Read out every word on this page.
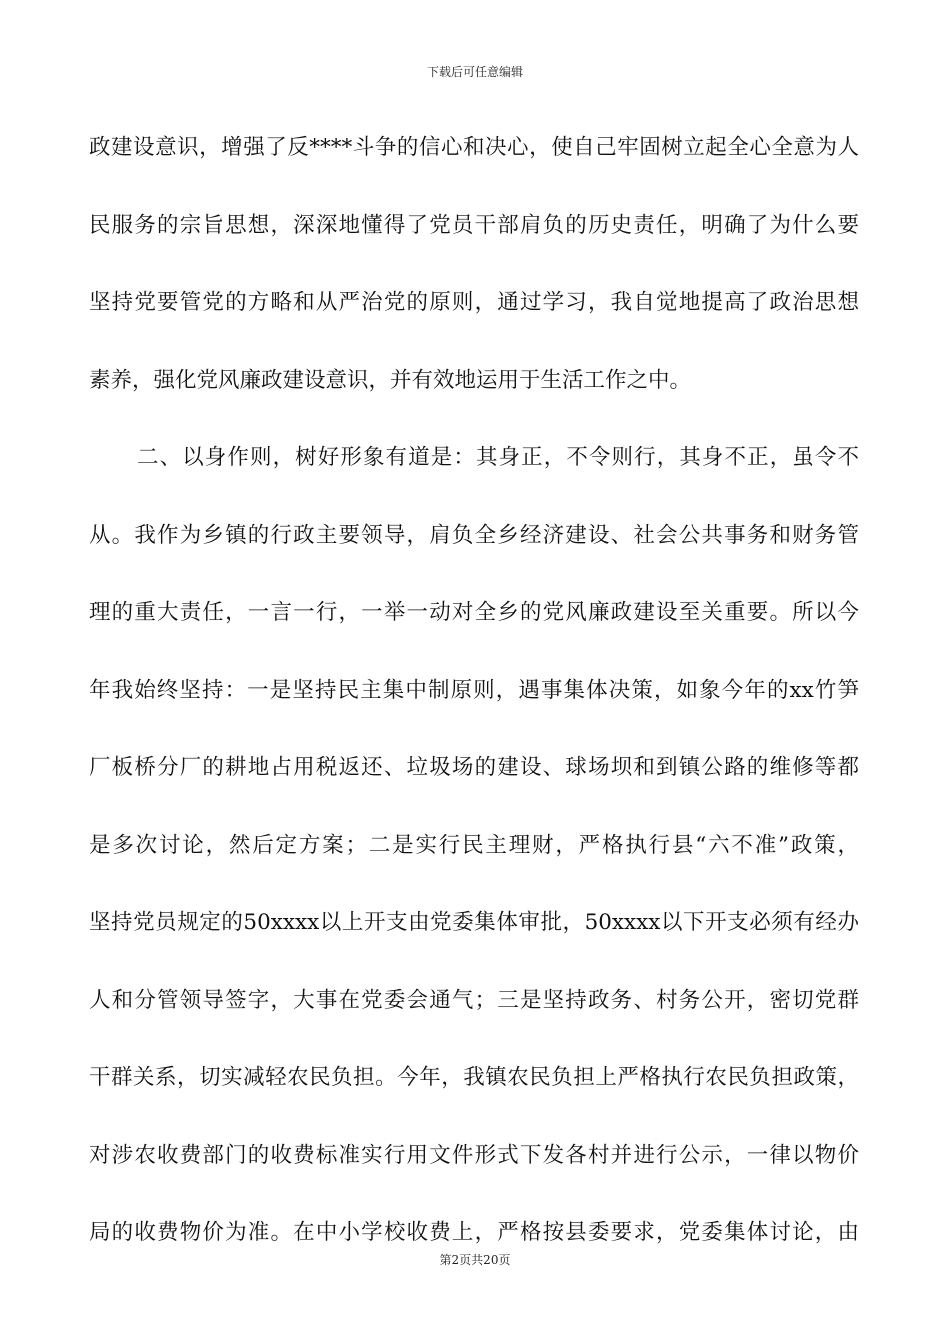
下载后可任意编辑
政建设意识，增强了反****斗争的信心和决心，使自己牢固树立起全心全意为人
民服务的宗旨思想，深深地懂得了党员干部肩负的历史责任，明确了为什么要
坚持党要管党的方略和从严治党的原则，通过学习，我自觉地提高了政治思想
素养，强化党风廉政建设意识，并有效地运用于生活工作之中。
二、以身作则，树好形象有道是：其身正，不令则行，其身不正，虽令不
从。我作为乡镇的行政主要领导，肩负全乡经济建设、社会公共事务和财务管
理的重大责任，一言一行，一举一动对全乡的党风廉政建设至关重要。所以今
年我始终坚持：一是坚持民主集中制原则，遇事集体决策，如象今年的xx竹笋
厂板桥分厂的耕地占用税返还、垃圾场的建设、球场坝和到镇公路的维修等都
是多次讨论，然后定方案；二是实行民主理财，严格执行县“六不准”政策，
坚持党员规定的50xxxx以上开支由党委集体审批，50xxxx以下开支必须有经办
人和分管领导签字，大事在党委会通气；三是坚持政务、村务公开，密切党群
干群关系，切实减轻农民负担。今年，我镇农民负担上严格执行农民负担政策，
对涉农收费部门的收费标准实行用文件形式下发各村并进行公示，一律以物价
局的收费物价为准。在中小学校收费上，严格按县委要求，党委集体讨论，由
第2页共20页
